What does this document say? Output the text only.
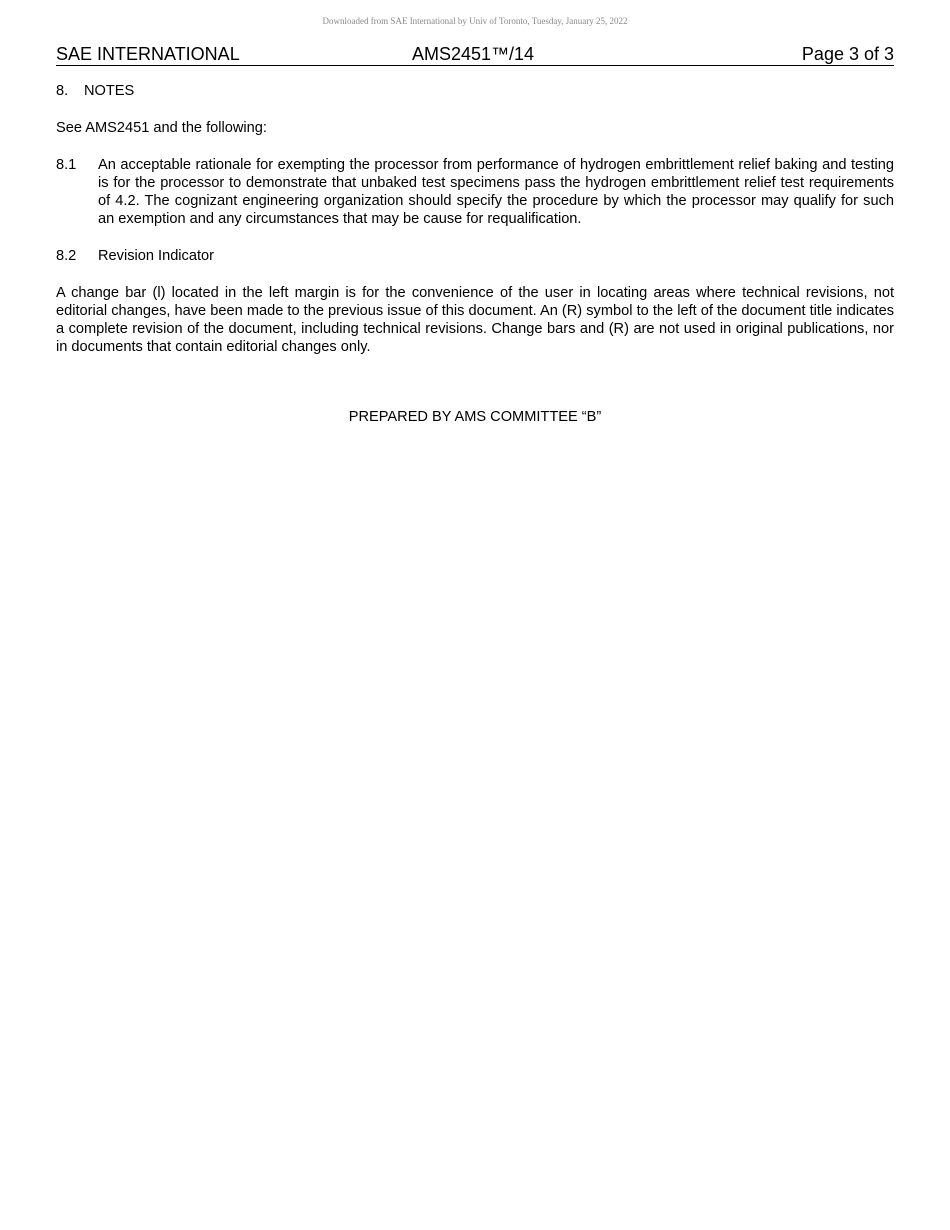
Downloaded from SAE International by Univ of Toronto, Tuesday, January 25, 2022
SAE INTERNATIONAL	AMS2451™/14	Page 3 of 3
8. NOTES

See AMS2451 and the following:

8.1	An acceptable rationale for exempting the processor from performance of hydrogen embrittlement relief baking and testing is for the processor to demonstrate that unbaked test specimens pass the hydrogen embrittlement relief test requirements of 4.2. The cognizant engineering organization should specify the procedure by which the processor may qualify for such an exemption and any circumstances that may be cause for requalification.
8.2	Revision Indicator

A change bar (l) located in the left margin is for the convenience of the user in locating areas where technical revisions, not editorial changes, have been made to the previous issue of this document. An (R) symbol to the left of the document title indicates a complete revision of the document, including technical revisions. Change bars and (R) are not used in original publications, nor in documents that contain editorial changes only.

PREPARED BY AMS COMMITTEE “B”
